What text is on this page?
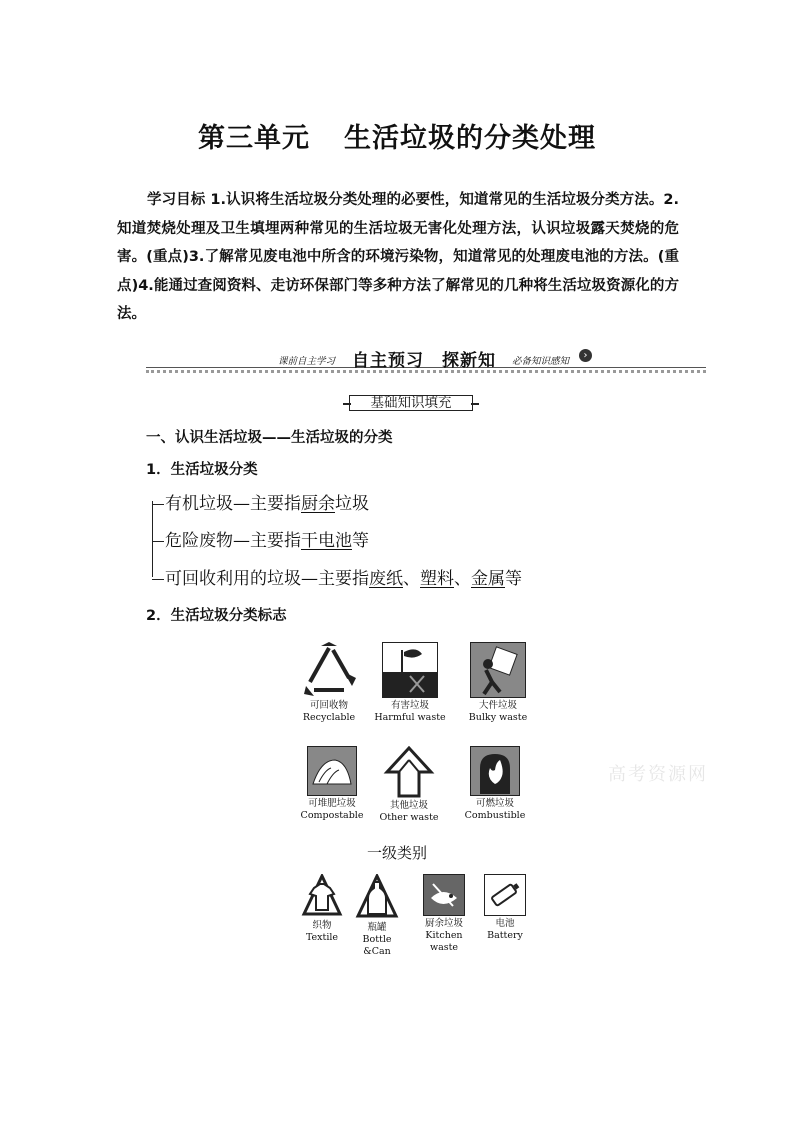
第三单元 生活垃圾的分类处理
学习目标 1.认识将生活垃圾分类处理的必要性，知道常见的生活垃圾分类方法。2.知道焚烧处理及卫生填埋两种常见的生活垃圾无害化处理方法，认识垃圾露天焚烧的危害。(重点)3.了解常见废电池中所含的环境污染物，知道常见的处理废电池的方法。(重点)4.能通过查阅资料、走访环保部门等多种方法了解常见的几种将生活垃圾资源化的方法。
课前自主学习 自主预习	›
探新知 必备知识感知
基础知识填充
一、认识生活垃圾——生活垃圾的分类
1．生活垃圾分类
有机垃圾—主要指厨余垃圾
危险废物—主要指干电池等
可回收利用的垃圾—主要指废纸、塑料、金属等
2．生活垃圾分类标志
可回收物
Recyclable
有害垃圾
Harmful waste
大件垃圾
Bulky waste
可堆肥垃圾
Compostable
其他垃圾
Other waste
可燃垃圾
Combustible
一级类别
织物
Textile
瓶罐
Bottle &Can
厨余垃圾
Kitchen waste
电池
Battery
高考资源网
